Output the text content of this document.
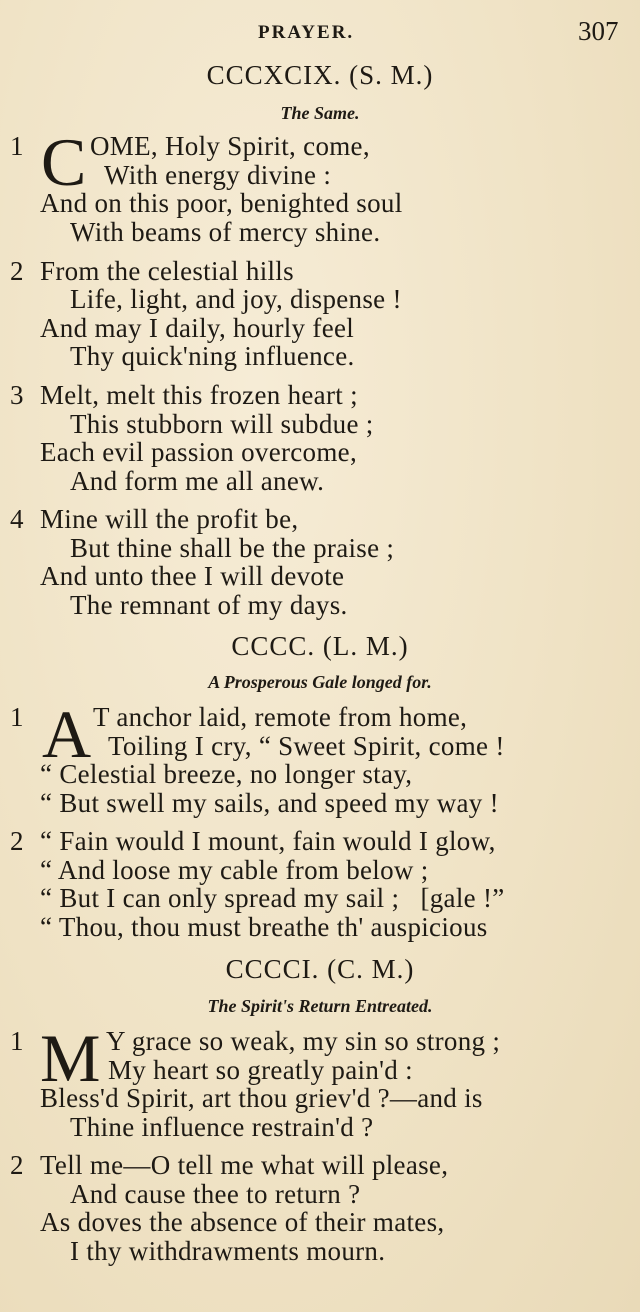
PRAYER.	307
CCCXCIX. (S. M.)
The Same.
1 C OME, Holy Spirit, come,
With energy divine :
And on this poor, benighted soul
With beams of mercy shine.
2 From the celestial hills
Life, light, and joy, dispense !
And may I daily, hourly feel
Thy quick'ning influence.
3 Melt, melt this frozen heart ;
This stubborn will subdue ;
Each evil passion overcome,
And form me all anew.
4 Mine will the profit be,
But thine shall be the praise ;
And unto thee I will devote
The remnant of my days.
CCCC. (L. M.)
A Prosperous Gale longed for.
1 A T anchor laid, remote from home,
Toiling I cry, “ Sweet Spirit, come !
“ Celestial breeze, no longer stay,
“ But swell my sails, and speed my way !
2 “ Fain would I mount, fain would I glow,
“ And loose my cable from below ;
“ But I can only spread my sail ;   [gale !”
“ Thou, thou must breathe th' auspicious
CCCCI. (C. M.)
The Spirit's Return Entreated.
1 M Y grace so weak, my sin so strong ;
My heart so greatly pain'd :
Bless'd Spirit, art thou griev'd ?—and is
Thine influence restrain'd ?
2 Tell me—O tell me what will please,
And cause thee to return ?
As doves the absence of their mates,
I thy withdrawments mourn.
